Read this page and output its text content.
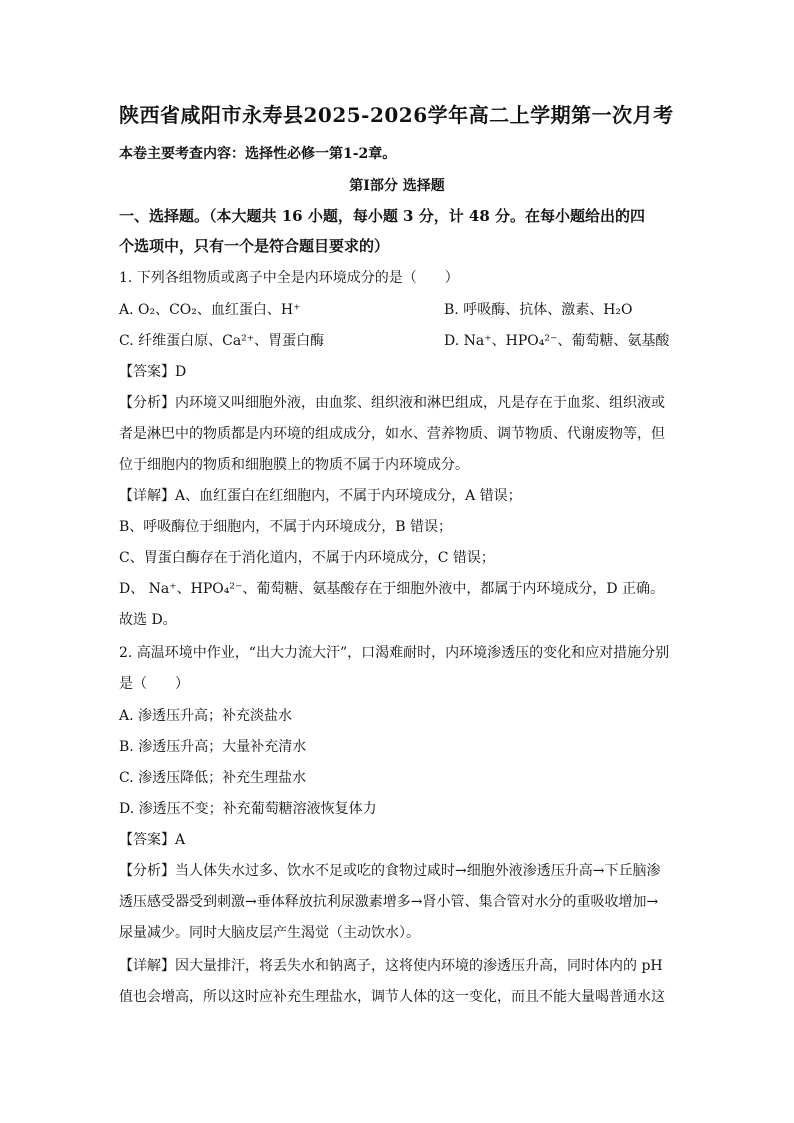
陕西省咸阳市永寿县2025-2026学年高二上学期第一次月考
本卷主要考查内容：选择性必修一第1-2章。
第Ⅰ部分 选择题
一、选择题。（本大题共 16 小题，每小题 3 分，计 48 分。在每小题给出的四
个选项中，只有一个是符合题目要求的）
1. 下列各组物质或离子中全是内环境成分的是（　　）
A. O₂、CO₂、血红蛋白、H⁺	B. 呼吸酶、抗体、激素、H₂O
C. 纤维蛋白原、Ca²⁺、胃蛋白酶	D. Na⁺、HPO₄²⁻、葡萄糖、氨基酸
【答案】D
【分析】内环境又叫细胞外液，由血浆、组织液和淋巴组成，凡是存在于血浆、组织液或
者是淋巴中的物质都是内环境的组成成分，如水、营养物质、调节物质、代谢废物等，但
位于细胞内的物质和细胞膜上的物质不属于内环境成分。
【详解】A、血红蛋白在红细胞内，不属于内环境成分，A 错误；
B、呼吸酶位于细胞内，不属于内环境成分，B 错误；
C、胃蛋白酶存在于消化道内，不属于内环境成分，C 错误；
D、 Na⁺、HPO₄²⁻、葡萄糖、氨基酸存在于细胞外液中，都属于内环境成分，D 正确。
故选 D。
2. 高温环境中作业，“出大力流大汗”，口渴难耐时，内环境渗透压的变化和应对措施分别
是（　　）
A. 渗透压升高；补充淡盐水
B. 渗透压升高；大量补充清水
C. 渗透压降低；补充生理盐水
D. 渗透压不变；补充葡萄糖溶液恢复体力
【答案】A
【分析】当人体失水过多、饮水不足或吃的食物过咸时→细胞外液渗透压升高→下丘脑渗
透压感受器受到刺激→垂体释放抗利尿激素增多→肾小管、集合管对水分的重吸收增加→
尿量减少。同时大脑皮层产生渴觉（主动饮水）。
【详解】因大量排汗，将丢失水和钠离子，这将使内环境的渗透压升高，同时体内的 pH
值也会增高，所以这时应补充生理盐水，调节人体的这一变化，而且不能大量喝普通水这
